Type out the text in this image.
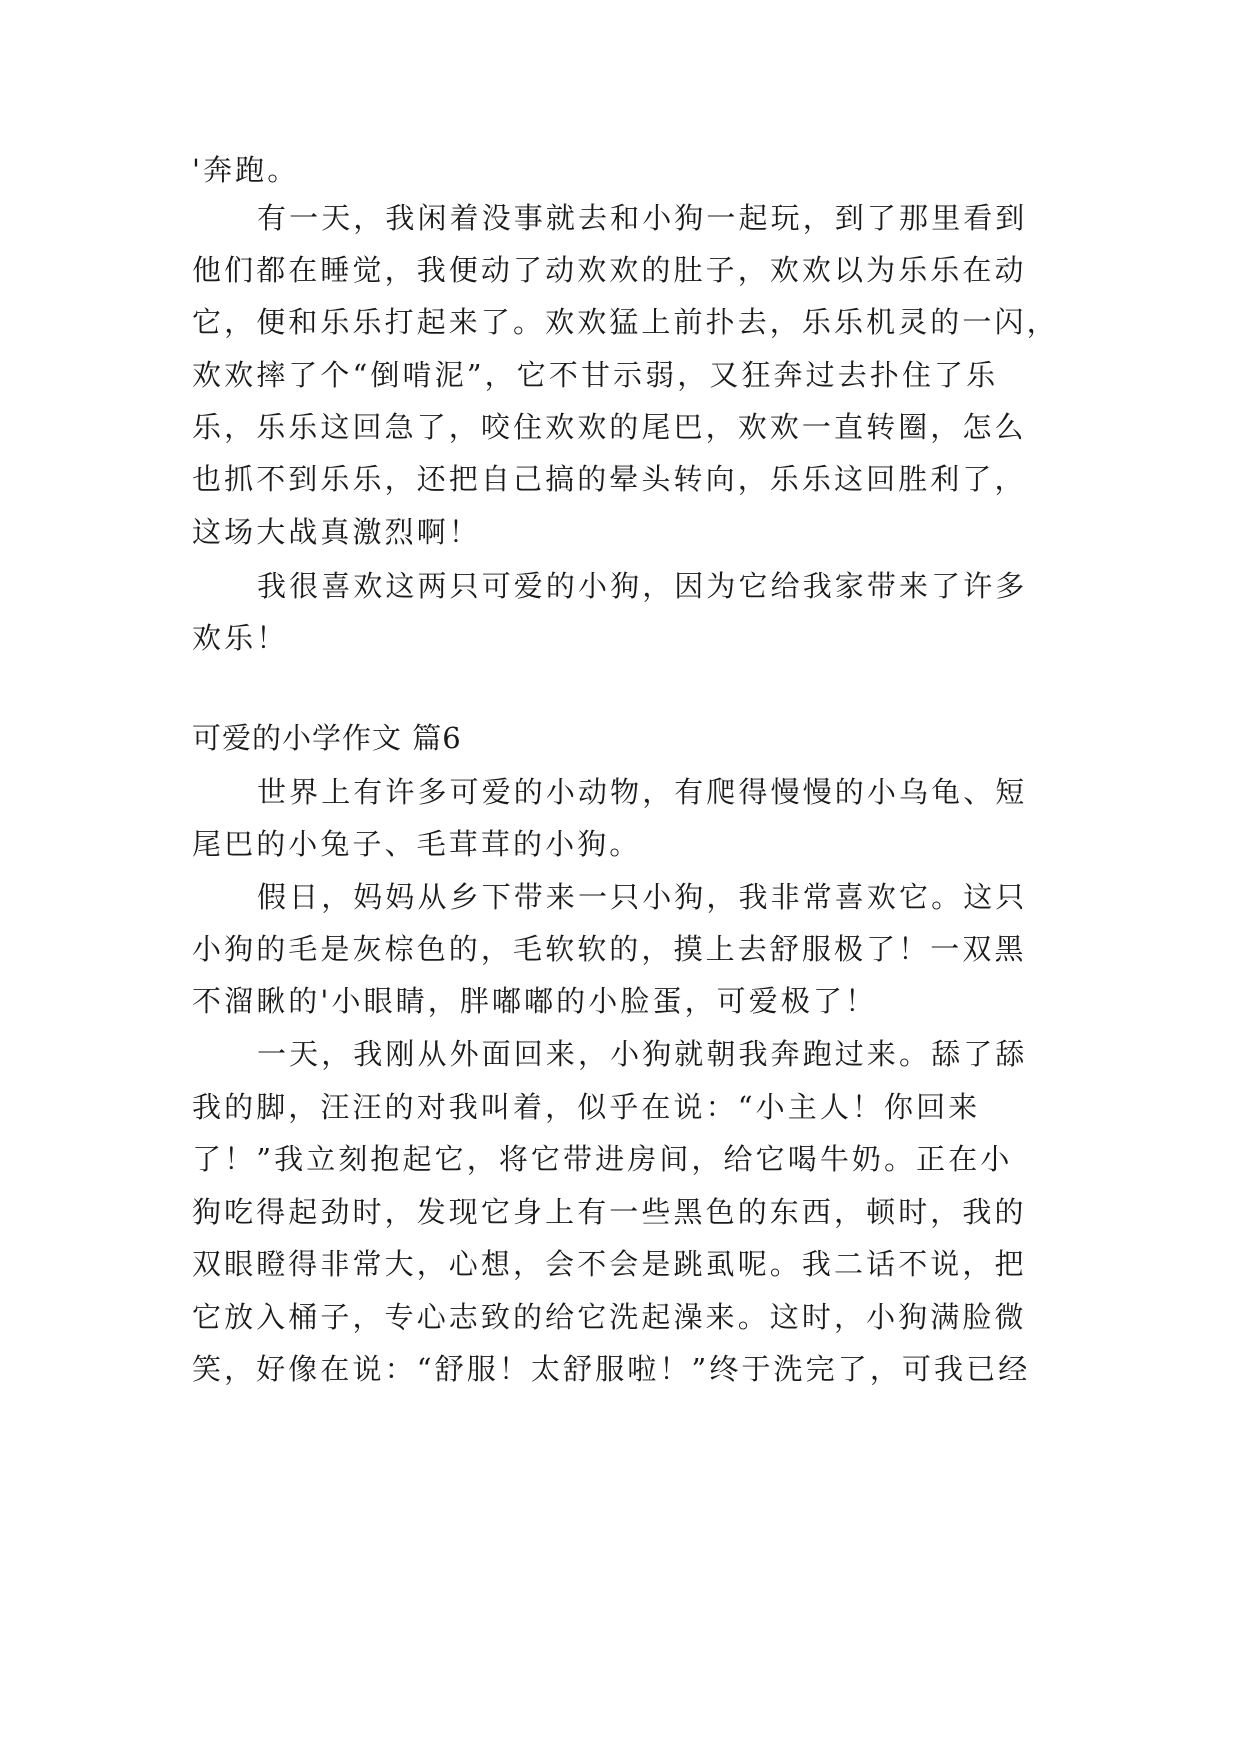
'奔跑。
有一天，我闲着没事就去和小狗一起玩，到了那里看到
他们都在睡觉，我便动了动欢欢的肚子，欢欢以为乐乐在动
它，便和乐乐打起来了。欢欢猛上前扑去，乐乐机灵的一闪，
欢欢摔了个“倒啃泥”，它不甘示弱，又狂奔过去扑住了乐
乐，乐乐这回急了，咬住欢欢的尾巴，欢欢一直转圈，怎么
也抓不到乐乐，还把自己搞的晕头转向，乐乐这回胜利了，
这场大战真激烈啊！
我很喜欢这两只可爱的小狗，因为它给我家带来了许多
欢乐！
可爱的小学作文 篇6
世界上有许多可爱的小动物，有爬得慢慢的小乌龟、短
尾巴的小兔子、毛茸茸的小狗。
假日，妈妈从乡下带来一只小狗，我非常喜欢它。这只
小狗的毛是灰棕色的，毛软软的，摸上去舒服极了！一双黑
不溜瞅的'小眼睛，胖嘟嘟的小脸蛋，可爱极了！
一天，我刚从外面回来，小狗就朝我奔跑过来。舔了舔
我的脚，汪汪的对我叫着，似乎在说：“小主人！你回来
了！”我立刻抱起它，将它带进房间，给它喝牛奶。正在小
狗吃得起劲时，发现它身上有一些黑色的东西，顿时，我的
双眼瞪得非常大，心想，会不会是跳虱呢。我二话不说，把
它放入桶子，专心志致的给它洗起澡来。这时，小狗满脸微
笑，好像在说：“舒服！太舒服啦！”终于洗完了，可我已经
